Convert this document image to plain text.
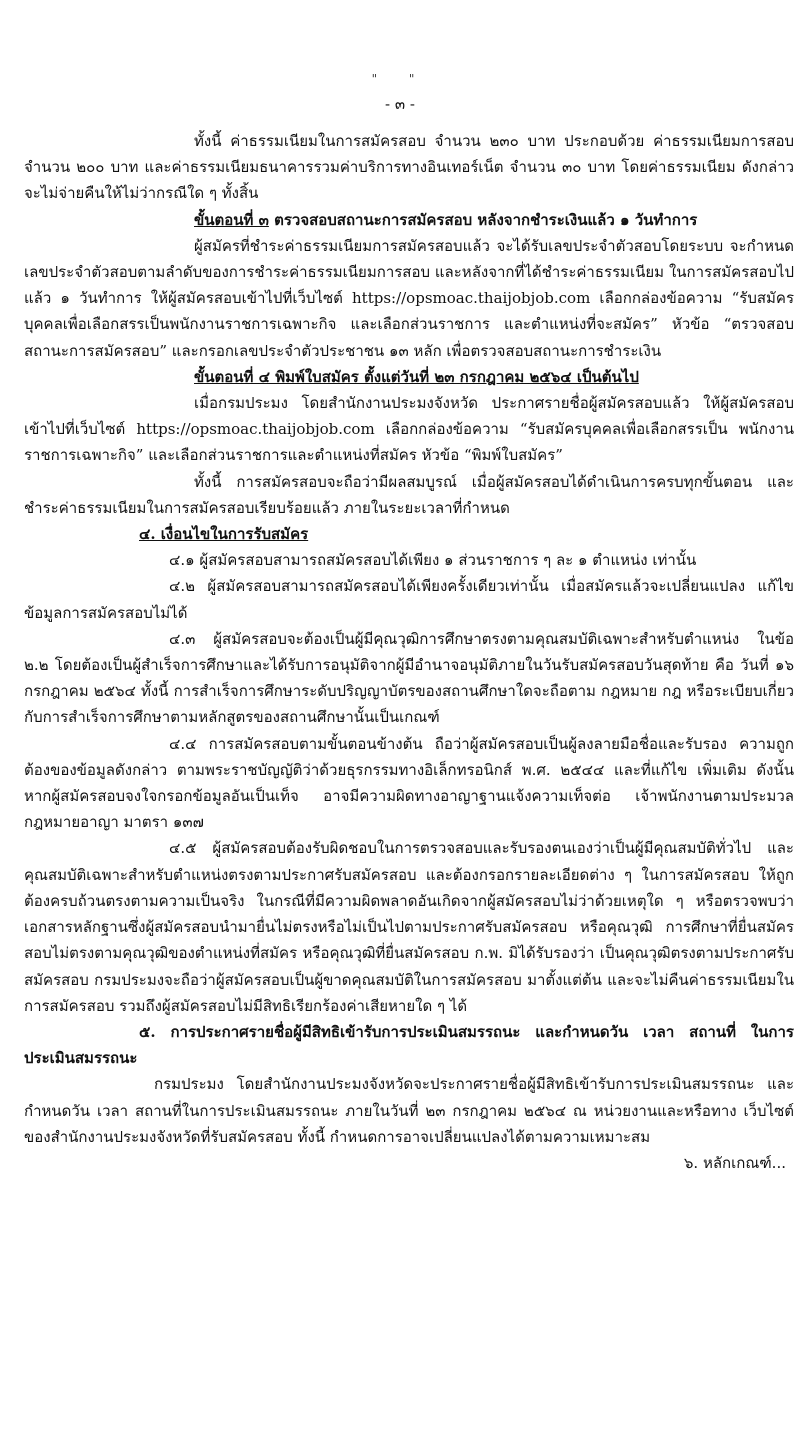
" "
- ๓ -

ทั้งนี้ ค่าธรรมเนียมในการสมัครสอบ จำนวน ๒๓๐ บาท ประกอบด้วย ค่าธรรมเนียมการสอบ จำนวน ๒๐๐ บาท และค่าธรรมเนียมธนาคารรวมค่าบริการทางอินเทอร์เน็ต จำนวน ๓๐ บาท โดยค่าธรรมเนียม ดังกล่าวจะไม่จ่ายคืนให้ไม่ว่ากรณีใด ๆ ทั้งสิ้น

ขั้นตอนที่ ๓ ตรวจสอบสถานะการสมัครสอบ หลังจากชำระเงินแล้ว ๑ วันทำการ

ผู้สมัครที่ชำระค่าธรรมเนียมการสมัครสอบแล้ว จะได้รับเลขประจำตัวสอบโดยระบบ จะกำหนดเลขประจำตัวสอบตามลำดับของการชำระค่าธรรมเนียมการสอบ และหลังจากที่ได้ชำระค่าธรรมเนียม ในการสมัครสอบไปแล้ว ๑ วันทำการ ให้ผู้สมัครสอบเข้าไปที่เว็บไซต์ https://opsmoac.thaijobjob.com เลือกกล่องข้อความ “รับสมัครบุคคลเพื่อเลือกสรรเป็นพนักงานราชการเฉพาะกิจ และเลือกส่วนราชการ และตำแหน่งที่จะสมัคร” หัวข้อ “ตรวจสอบสถานะการสมัครสอบ” และกรอกเลขประจำตัวประชาชน ๑๓ หลัก เพื่อตรวจสอบสถานะการชำระเงิน

ขั้นตอนที่ ๔ พิมพ์ใบสมัคร ตั้งแต่วันที่ ๒๓ กรกฎาคม ๒๕๖๔ เป็นต้นไป

เมื่อกรมประมง โดยสำนักงานประมงจังหวัด ประกาศรายชื่อผู้สมัครสอบแล้ว ให้ผู้สมัครสอบ เข้าไปที่เว็บไซต์ https://opsmoac.thaijobjob.com เลือกกล่องข้อความ “รับสมัครบุคคลเพื่อเลือกสรรเป็น พนักงานราชการเฉพาะกิจ” และเลือกส่วนราชการและตำแหน่งที่สมัคร หัวข้อ “พิมพ์ใบสมัคร”

ทั้งนี้ การสมัครสอบจะถือว่ามีผลสมบูรณ์ เมื่อผู้สมัครสอบได้ดำเนินการครบทุกขั้นตอน และชำระค่าธรรมเนียมในการสมัครสอบเรียบร้อยแล้ว ภายในระยะเวลาที่กำหนด

๔. เงื่อนไขในการรับสมัคร

๔.๑ ผู้สมัครสอบสามารถสมัครสอบได้เพียง ๑ ส่วนราชการ ๆ ละ ๑ ตำแหน่ง เท่านั้น

๔.๒ ผู้สมัครสอบสามารถสมัครสอบได้เพียงครั้งเดียวเท่านั้น เมื่อสมัครแล้วจะเปลี่ยนแปลง แก้ไขข้อมูลการสมัครสอบไม่ได้

๔.๓ ผู้สมัครสอบจะต้องเป็นผู้มีคุณวุฒิการศึกษาตรงตามคุณสมบัติเฉพาะสำหรับตำแหน่ง ในข้อ ๒.๒ โดยต้องเป็นผู้สำเร็จการศึกษาและได้รับการอนุมัติจากผู้มีอำนาจอนุมัติภายในวันรับสมัครสอบวันสุดท้าย คือ วันที่ ๑๖ กรกฎาคม ๒๕๖๔ ทั้งนี้ การสำเร็จการศึกษาระดับปริญญาบัตรของสถานศึกษาใดจะถือตาม กฎหมาย กฎ หรือระเบียบเกี่ยวกับการสำเร็จการศึกษาตามหลักสูตรของสถานศึกษานั้นเป็นเกณฑ์

๔.๔ การสมัครสอบตามขั้นตอนข้างต้น ถือว่าผู้สมัครสอบเป็นผู้ลงลายมือชื่อและรับรอง ความถูกต้องของข้อมูลดังกล่าว ตามพระราชบัญญัติว่าด้วยธุรกรรมทางอิเล็กทรอนิกส์ พ.ศ. ๒๕๔๔ และที่แก้ไข เพิ่มเติม ดังนั้น หากผู้สมัครสอบจงใจกรอกข้อมูลอันเป็นเท็จ อาจมีความผิดทางอาญาฐานแจ้งความเท็จต่อ เจ้าพนักงานตามประมวลกฎหมายอาญา มาตรา ๑๓๗

๔.๕ ผู้สมัครสอบต้องรับผิดชอบในการตรวจสอบและรับรองตนเองว่าเป็นผู้มีคุณสมบัติทั่วไป และคุณสมบัติเฉพาะสำหรับตำแหน่งตรงตามประกาศรับสมัครสอบ และต้องกรอกรายละเอียดต่าง ๆ ในการสมัครสอบ ให้ถูกต้องครบถ้วนตรงตามความเป็นจริง ในกรณีที่มีความผิดพลาดอันเกิดจากผู้สมัครสอบไม่ว่าด้วยเหตุใด ๆ หรือตรวจพบว่าเอกสารหลักฐานซึ่งผู้สมัครสอบนำมายื่นไม่ตรงหรือไม่เป็นไปตามประกาศรับสมัครสอบ หรือคุณวุฒิ การศึกษาที่ยื่นสมัครสอบไม่ตรงตามคุณวุฒิของตำแหน่งที่สมัคร หรือคุณวุฒิที่ยื่นสมัครสอบ ก.พ. มิได้รับรองว่า เป็นคุณวุฒิตรงตามประกาศรับสมัครสอบ กรมประมงจะถือว่าผู้สมัครสอบเป็นผู้ขาดคุณสมบัติในการสมัครสอบ มาตั้งแต่ต้น และจะไม่คืนค่าธรรมเนียมในการสมัครสอบ รวมถึงผู้สมัครสอบไม่มีสิทธิเรียกร้องค่าเสียหายใด ๆ ได้

๕. การประกาศรายชื่อผู้มีสิทธิเข้ารับการประเมินสมรรถนะ และกำหนดวัน เวลา สถานที่ ในการประเมินสมรรถนะ

กรมประมง โดยสำนักงานประมงจังหวัดจะประกาศรายชื่อผู้มีสิทธิเข้ารับการประเมินสมรรถนะ และกำหนดวัน เวลา สถานที่ในการประเมินสมรรถนะ ภายในวันที่ ๒๓ กรกฎาคม ๒๕๖๔ ณ หน่วยงานและหรือทาง เว็บไซต์ของสำนักงานประมงจังหวัดที่รับสมัครสอบ ทั้งนี้ กำหนดการอาจเปลี่ยนแปลงได้ตามความเหมาะสม

๖. หลักเกณฑ์...
